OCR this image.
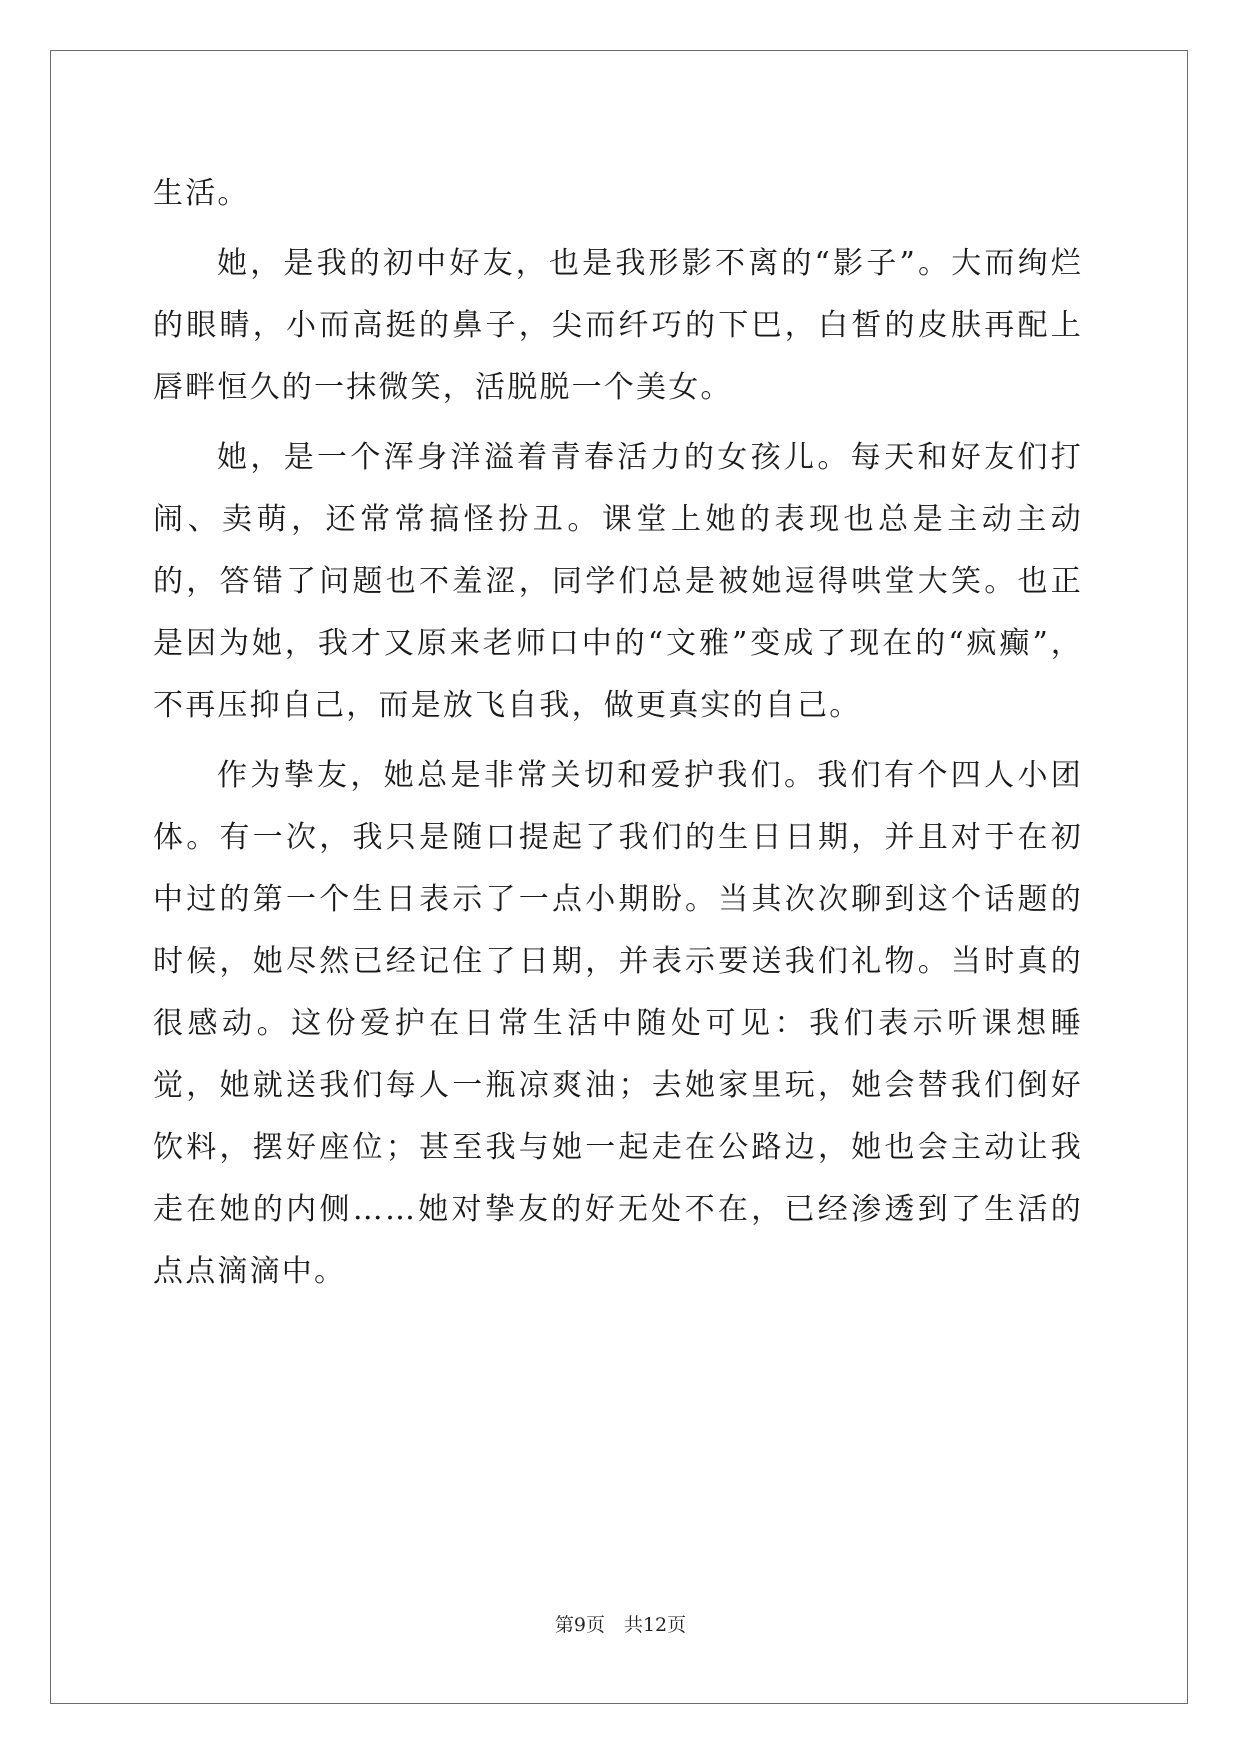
生活。

她，是我的初中好友，也是我形影不离的“影子”。大而绚烂的眼睛，小而高挺的鼻子，尖而纤巧的下巴，白皙的皮肤再配上唇畔恒久的一抹微笑，活脱脱一个美女。

她，是一个浑身洋溢着青春活力的女孩儿。每天和好友们打闹、卖萌，还常常搞怪扮丑。课堂上她的表现也总是主动主动的，答错了问题也不羞涩，同学们总是被她逗得哄堂大笑。也正是因为她，我才又原来老师口中的“文雅”变成了现在的“疯癫”，不再压抑自己，而是放飞自我，做更真实的自己。

作为挚友，她总是非常关切和爱护我们。我们有个四人小团体。有一次，我只是随口提起了我们的生日日期，并且对于在初中过的第一个生日表示了一点小期盼。当其次次聊到这个话题的时候，她尽然已经记住了日期，并表示要送我们礼物。当时真的很感动。这份爱护在日常生活中随处可见：我们表示听课想睡觉，她就送我们每人一瓶凉爽油；去她家里玩，她会替我们倒好饮料，摆好座位；甚至我与她一起走在公路边，她也会主动让我走在她的内侧……她对挚友的好无处不在，已经渗透到了生活的点点滴滴中。

第9页　共12页
